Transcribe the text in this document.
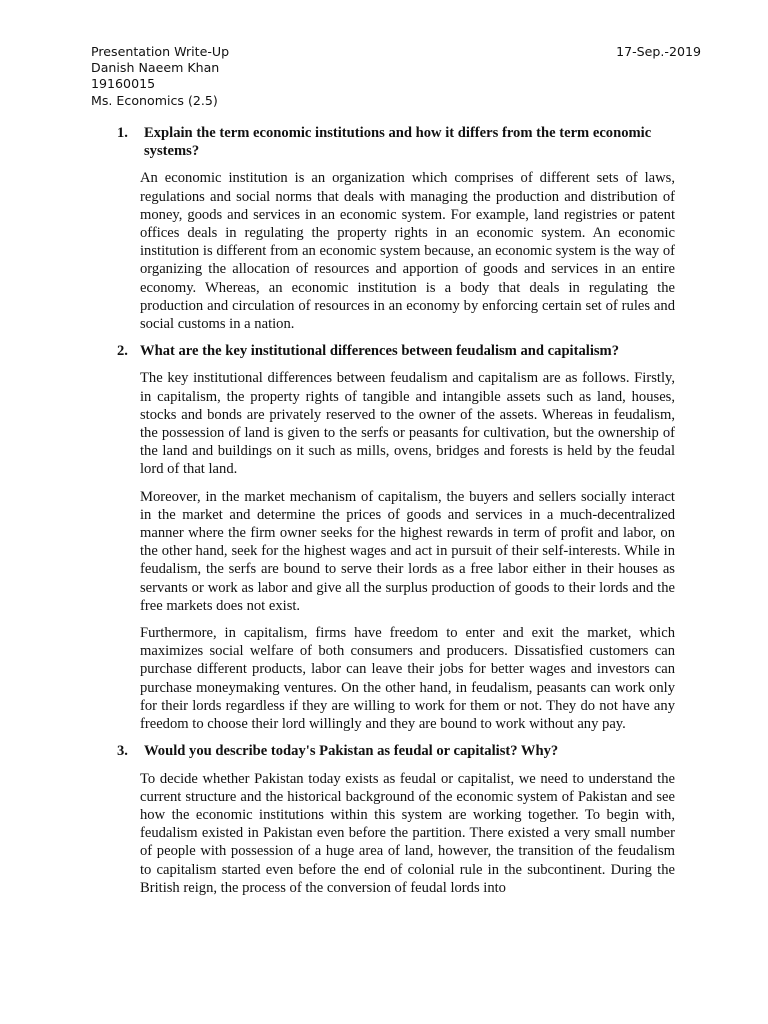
Presentation Write-Up
Danish Naeem Khan
19160015
Ms. Economics (2.5)
17-Sep.-2019
1.	Explain the term economic institutions and how it differs from the term economic systems?

An economic institution is an organization which comprises of different sets of laws, regulations and social norms that deals with managing the production and distribution of money, goods and services in an economic system. For example, land registries or patent offices deals in regulating the property rights in an economic system. An economic institution is different from an economic system because, an economic system is the way of organizing the allocation of resources and apportion of goods and services in an entire economy. Whereas, an economic institution is a body that deals in regulating the production and circulation of resources in an economy by enforcing certain set of rules and social customs in a nation.

2. What are the key institutional differences between feudalism and capitalism?

The key institutional differences between feudalism and capitalism are as follows. Firstly, in capitalism, the property rights of tangible and intangible assets such as land, houses, stocks and bonds are privately reserved to the owner of the assets. Whereas in feudalism, the possession of land is given to the serfs or peasants for cultivation, but the ownership of the land and buildings on it such as mills, ovens, bridges and forests is held by the feudal lord of that land.

Moreover, in the market mechanism of capitalism, the buyers and sellers socially interact in the market and determine the prices of goods and services in a much-decentralized manner where the firm owner seeks for the highest rewards in term of profit and labor, on the other hand, seek for the highest wages and act in pursuit of their self-interests. While in feudalism, the serfs are bound to serve their lords as a free labor either in their houses as servants or work as labor and give all the surplus production of goods to their lords and the free markets does not exist.

Furthermore, in capitalism, firms have freedom to enter and exit the market, which maximizes social welfare of both consumers and producers. Dissatisfied customers can purchase different products, labor can leave their jobs for better wages and investors can purchase moneymaking ventures. On the other hand, in feudalism, peasants can work only for their lords regardless if they are willing to work for them or not. They do not have any freedom to choose their lord willingly and they are bound to work without any pay.

3.	Would you describe today's Pakistan as feudal or capitalist? Why?

To decide whether Pakistan today exists as feudal or capitalist, we need to understand the current structure and the historical background of the economic system of Pakistan and see how the economic institutions within this system are working together. To begin with, feudalism existed in Pakistan even before the partition. There existed a very small number of people with possession of a huge area of land, however, the transition of the feudalism to capitalism started even before the end of colonial rule in the subcontinent. During the British reign, the process of the conversion of feudal lords into
